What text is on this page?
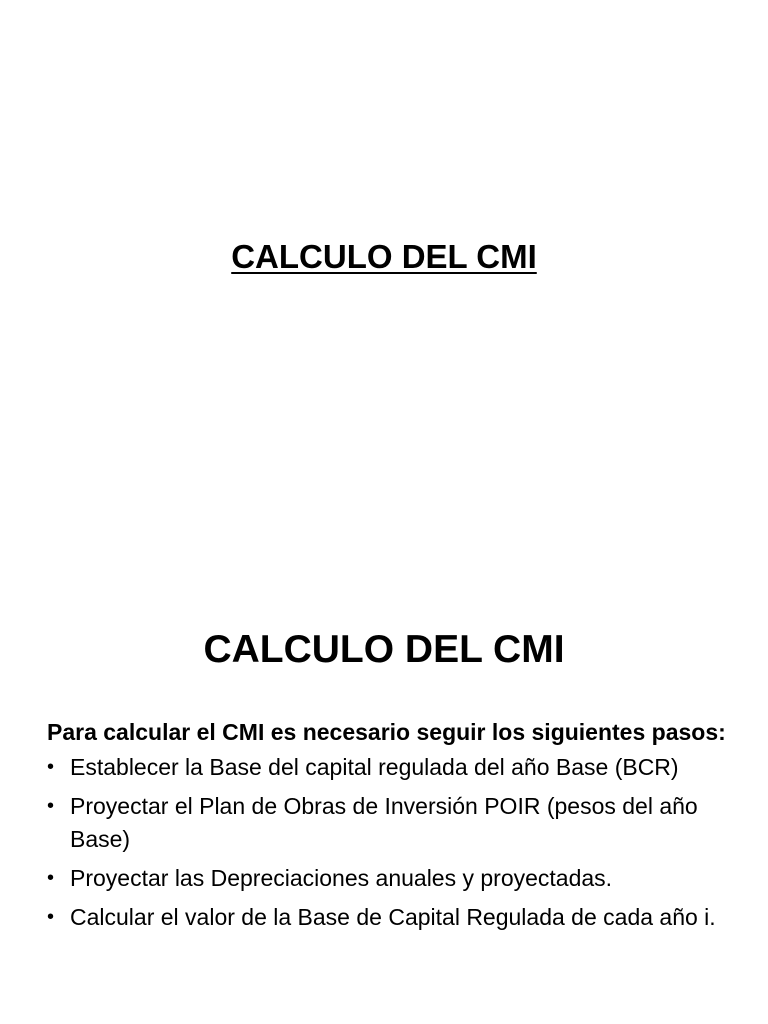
CALCULO DEL CMI
CALCULO DEL CMI

Para calcular el CMI es necesario seguir los siguientes pasos:

• Establecer la Base del capital regulada del año Base (BCR)
• Proyectar el Plan de Obras de Inversión POIR (pesos del año Base)
• Proyectar las Depreciaciones anuales y proyectadas.
• Calcular el valor de la Base de Capital Regulada de cada año i.
